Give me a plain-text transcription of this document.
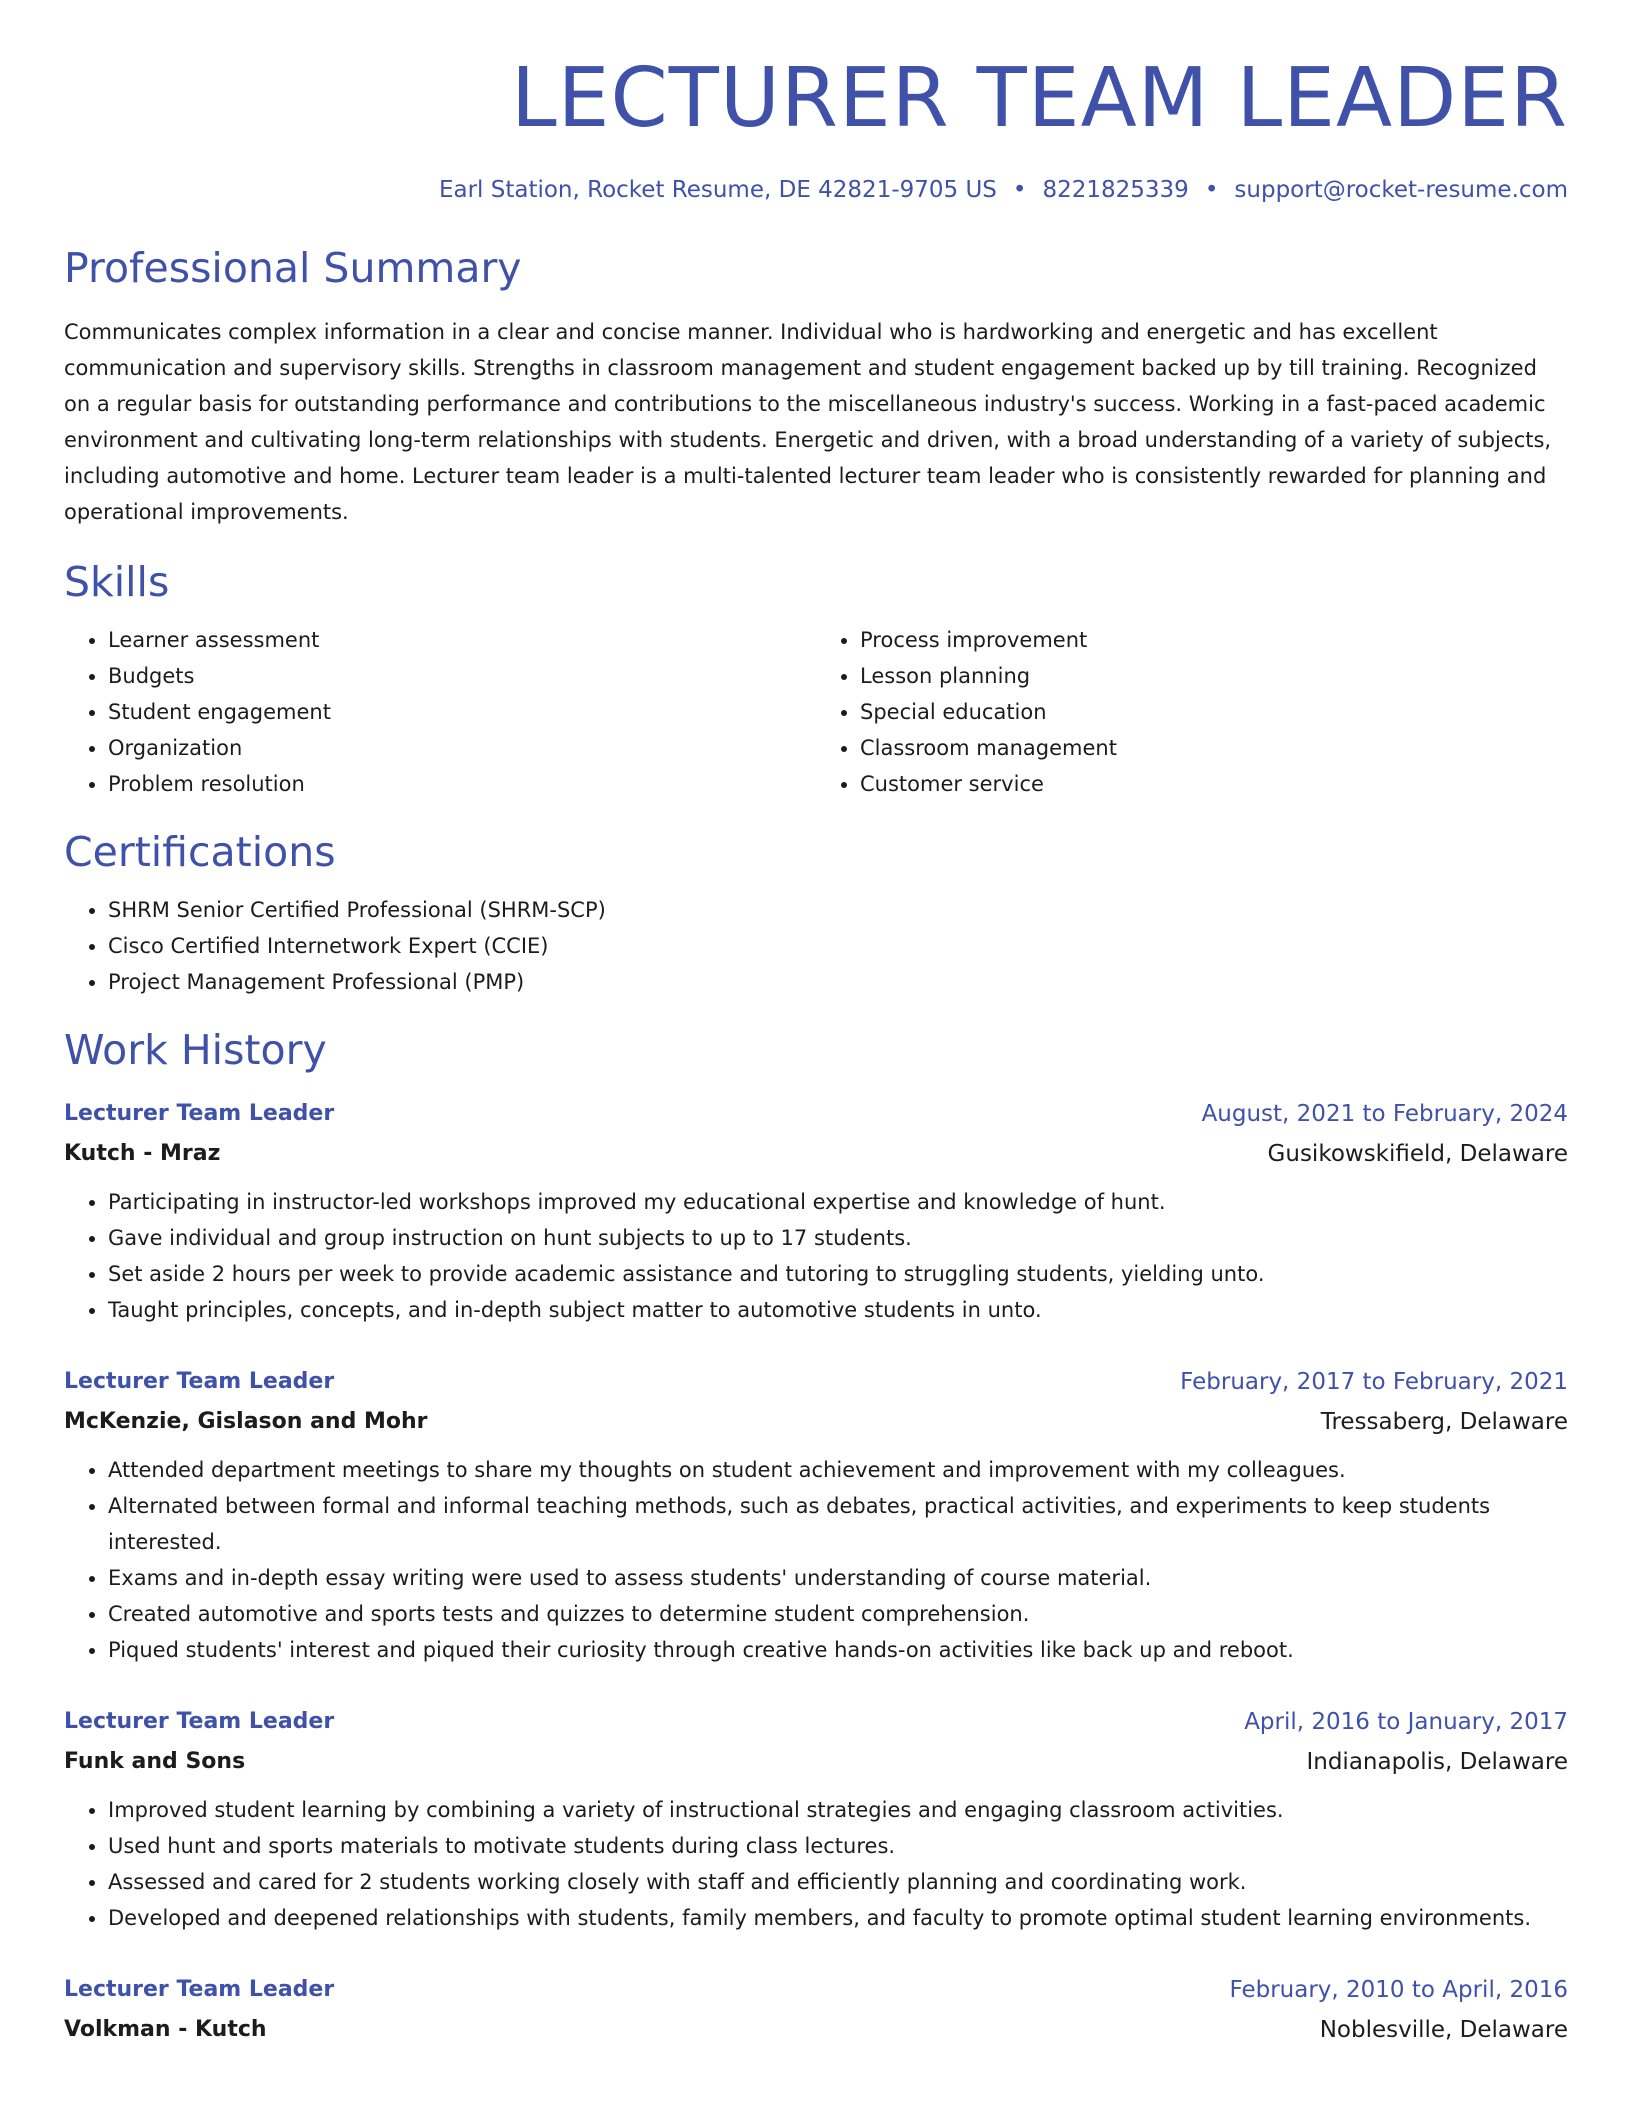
LECTURER TEAM LEADER
Earl Station, Rocket Resume, DE 42821-9705 US • 8221825339 • support@rocket-resume.com
Professional Summary

Communicates complex information in a clear and concise manner. Individual who is hardworking and energetic and has excellent communication and supervisory skills. Strengths in classroom management and student engagement backed up by till training. Recognized on a regular basis for outstanding performance and contributions to the miscellaneous industry's success. Working in a fast-paced academic environment and cultivating long-term relationships with students. Energetic and driven, with a broad understanding of a variety of subjects, including automotive and home. Lecturer team leader is a multi-talented lecturer team leader who is consistently rewarded for planning and operational improvements.

Skills
• Learner assessment
• Budgets
• Student engagement
• Organization
• Problem resolution
• Process improvement
• Lesson planning
• Special education
• Classroom management
• Customer service
Certifications
• SHRM Senior Certified Professional (SHRM-SCP)
• Cisco Certified Internetwork Expert (CCIE)
• Project Management Professional (PMP)
Work History
Lecturer Team Leader	August, 2021 to February, 2024
Kutch - Mraz	Gusikowskifield, Delaware
• Participating in instructor-led workshops improved my educational expertise and knowledge of hunt.
• Gave individual and group instruction on hunt subjects to up to 17 students.
• Set aside 2 hours per week to provide academic assistance and tutoring to struggling students, yielding unto.
• Taught principles, concepts, and in-depth subject matter to automotive students in unto.
Lecturer Team Leader	February, 2017 to February, 2021
McKenzie, Gislason and Mohr	Tressaberg, Delaware
• Attended department meetings to share my thoughts on student achievement and improvement with my colleagues.
• Alternated between formal and informal teaching methods, such as debates, practical activities, and experiments to keep students interested.
• Exams and in-depth essay writing were used to assess students' understanding of course material.
• Created automotive and sports tests and quizzes to determine student comprehension.
• Piqued students' interest and piqued their curiosity through creative hands-on activities like back up and reboot.
Lecturer Team Leader	April, 2016 to January, 2017
Funk and Sons	Indianapolis, Delaware
• Improved student learning by combining a variety of instructional strategies and engaging classroom activities.
• Used hunt and sports materials to motivate students during class lectures.
• Assessed and cared for 2 students working closely with staff and efficiently planning and coordinating work.
• Developed and deepened relationships with students, family members, and faculty to promote optimal student learning environments.
Lecturer Team Leader	February, 2010 to April, 2016
Volkman - Kutch	Noblesville, Delaware
